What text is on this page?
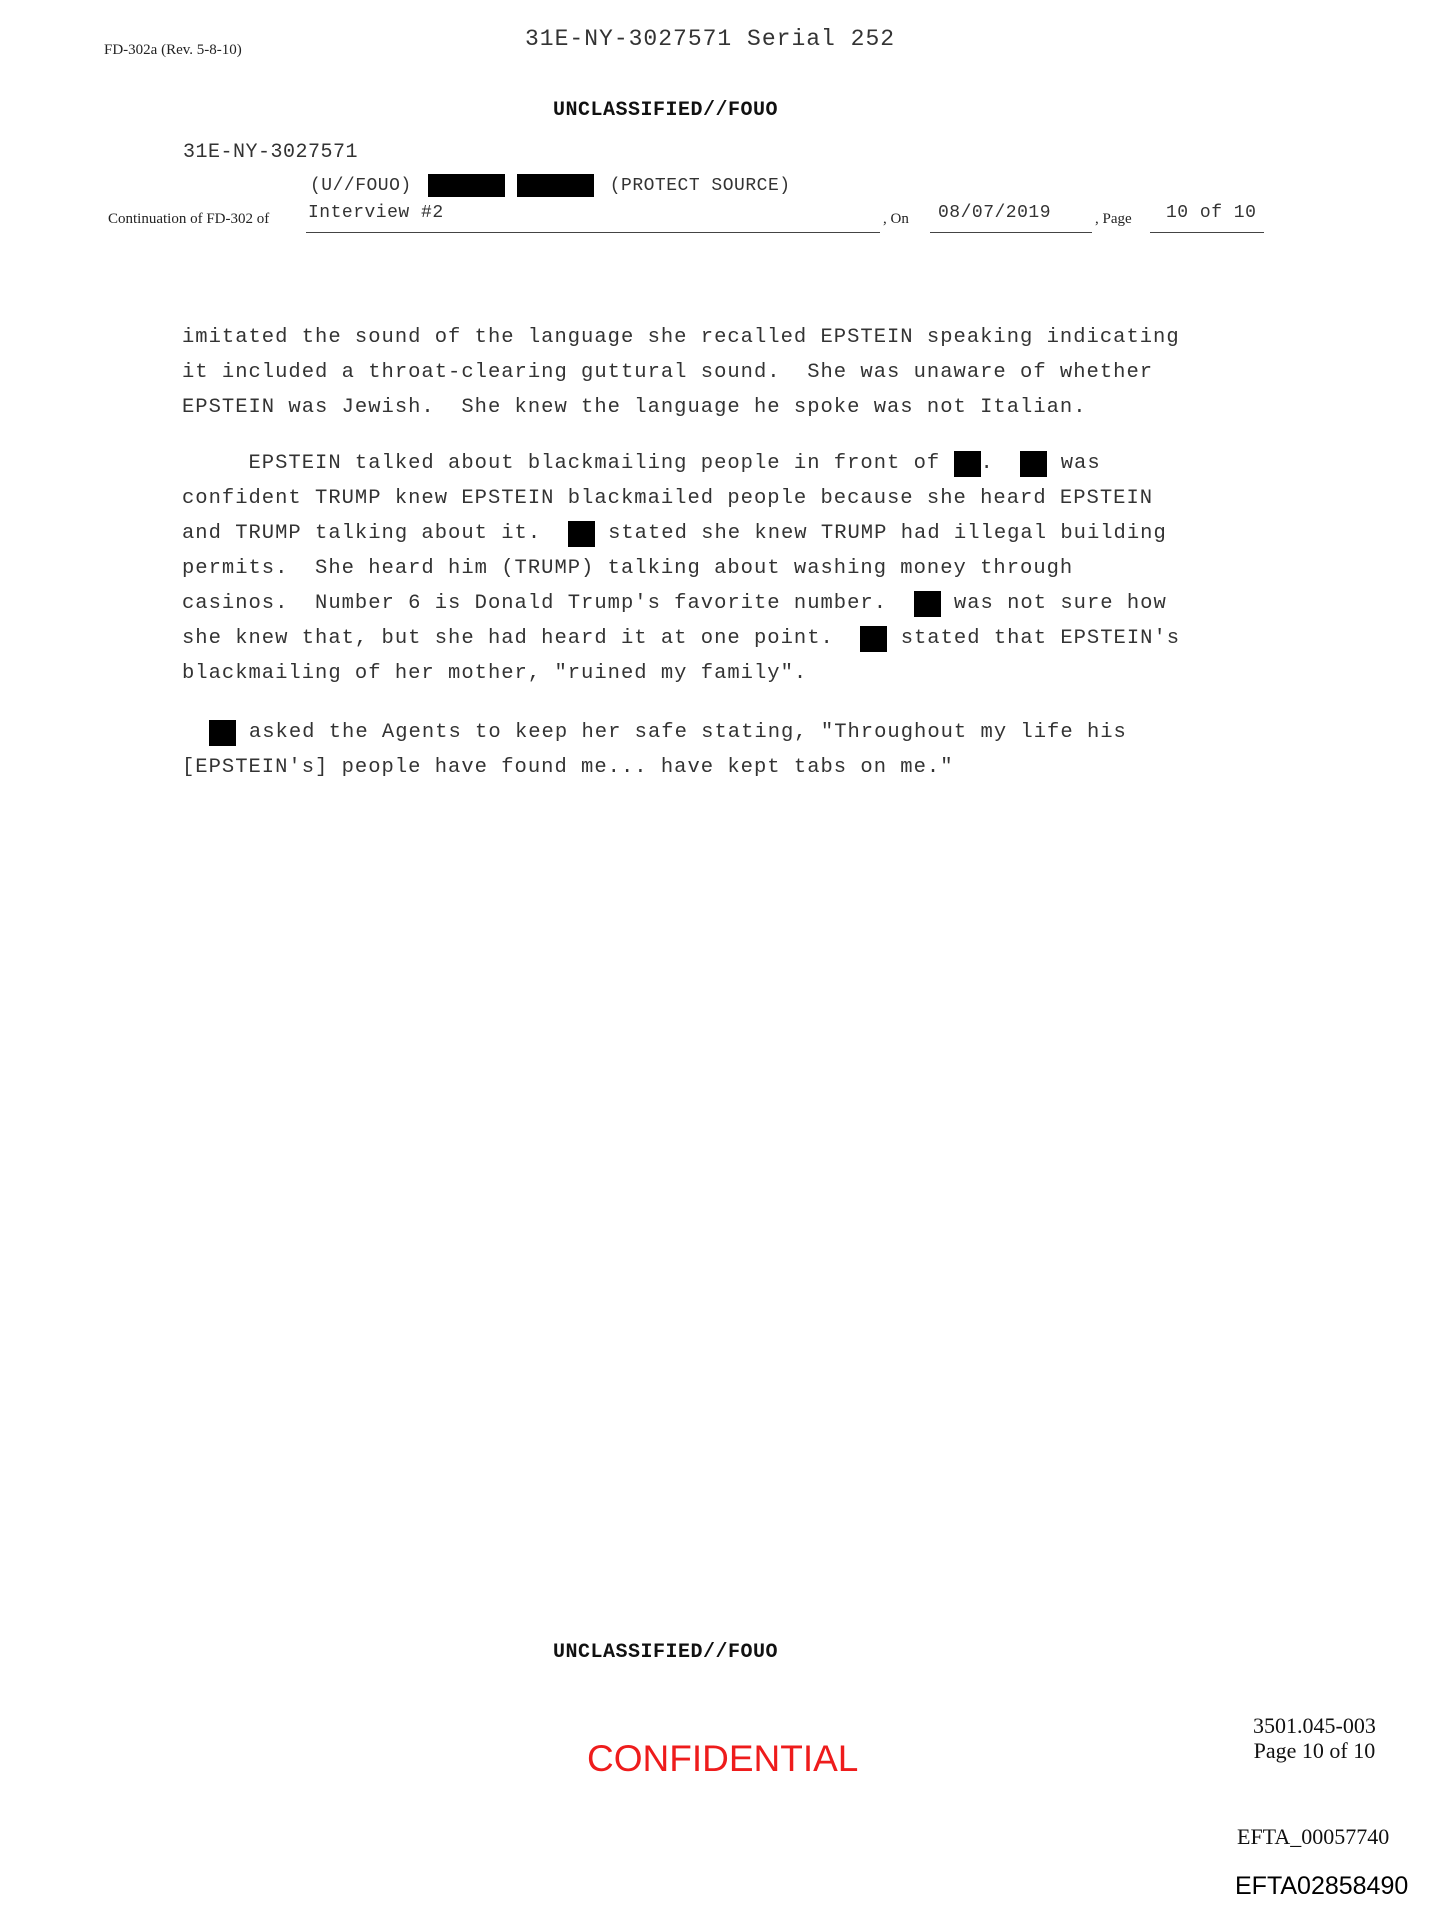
FD-302a (Rev. 5-8-10)	31E-NY-3027571 Serial 252
UNCLASSIFIED//FOUO
31E-NY-3027571
(U//FOUO)	(PROTECT SOURCE)
Continuation of FD-302 of Interview #2	, On 08/07/2019	, Page 10 of 10
imitated the sound of the language she recalled EPSTEIN speaking indicating
it included a throat-clearing guttural sound.  She was unaware of whether
EPSTEIN was Jewish.  She knew the language he spoke was not Italian.
EPSTEIN talked about blackmailing people in front of . was
confident TRUMP knew EPSTEIN blackmailed people because she heard EPSTEIN
and TRUMP talking about it. stated she knew TRUMP had illegal building
permits.  She heard him (TRUMP) talking about washing money through
casinos.  Number 6 is Donald Trump's favorite number. was not sure how
she knew that, but she had heard it at one point. stated that EPSTEIN's
blackmailing of her mother, "ruined my family".

asked the Agents to keep her safe stating, "Throughout my life his
[EPSTEIN's] people have found me... have kept tabs on me."
UNCLASSIFIED//FOUO
CONFIDENTIAL
3501.045-003
Page 10 of 10
EFTA_00057740
EFTA02858490
